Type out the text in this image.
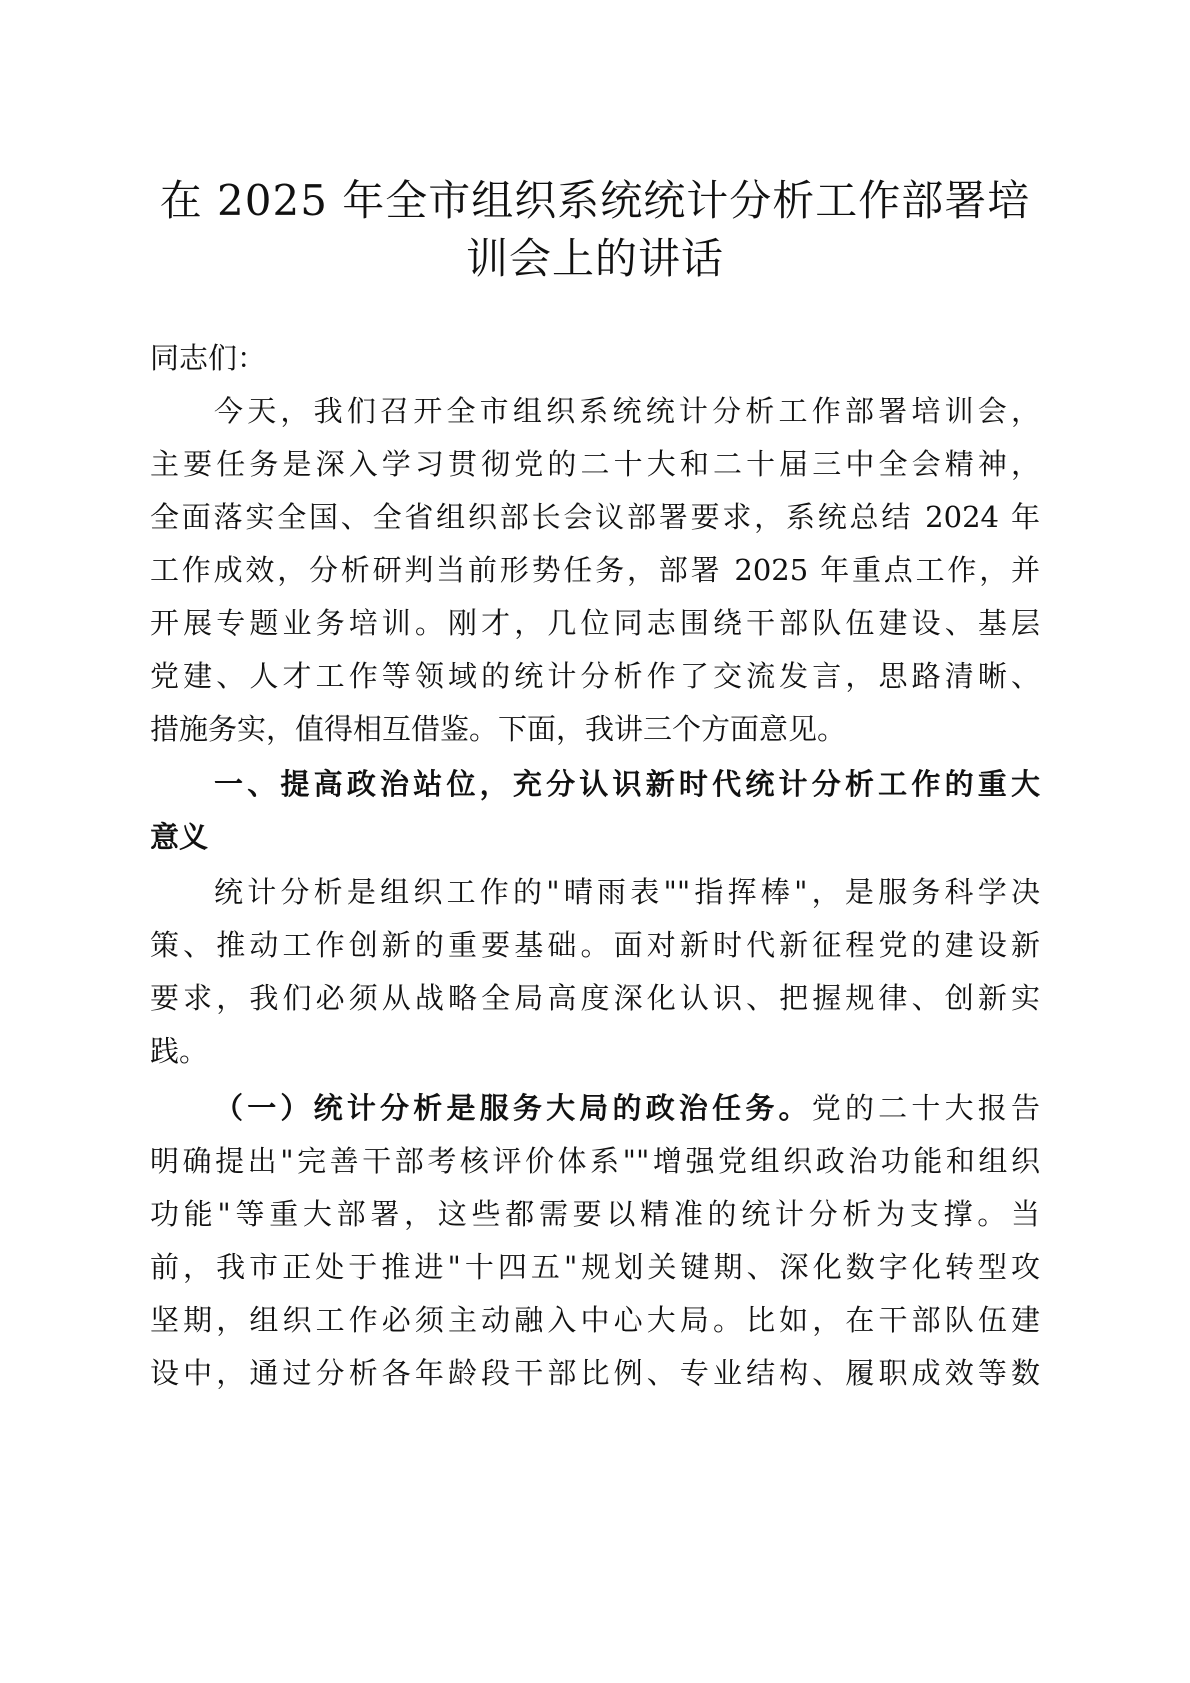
在 2025 年全市组织系统统计分析工作部署培
训会上的讲话
同志们：
今天，我们召开全市组织系统统计分析工作部署培训会，
主要任务是深入学习贯彻党的二十大和二十届三中全会精神，
全面落实全国、全省组织部长会议部署要求，系统总结 2024 年
工作成效，分析研判当前形势任务，部署 2025 年重点工作，并
开展专题业务培训。刚才，几位同志围绕干部队伍建设、基层
党建、人才工作等领域的统计分析作了交流发言，思路清晰、
措施务实，值得相互借鉴。下面，我讲三个方面意见。
一、提高政治站位，充分认识新时代统计分析工作的重大
意义
统计分析是组织工作的"晴雨表""指挥棒"，是服务科学决
策、推动工作创新的重要基础。面对新时代新征程党的建设新
要求，我们必须从战略全局高度深化认识、把握规律、创新实
践。
（一）统计分析是服务大局的政治任务。党的二十大报告
明确提出"完善干部考核评价体系""增强党组织政治功能和组织
功能"等重大部署，这些都需要以精准的统计分析为支撑。当
前，我市正处于推进"十四五"规划关键期、深化数字化转型攻
坚期，组织工作必须主动融入中心大局。比如，在干部队伍建
设中，通过分析各年龄段干部比例、专业结构、履职成效等数
